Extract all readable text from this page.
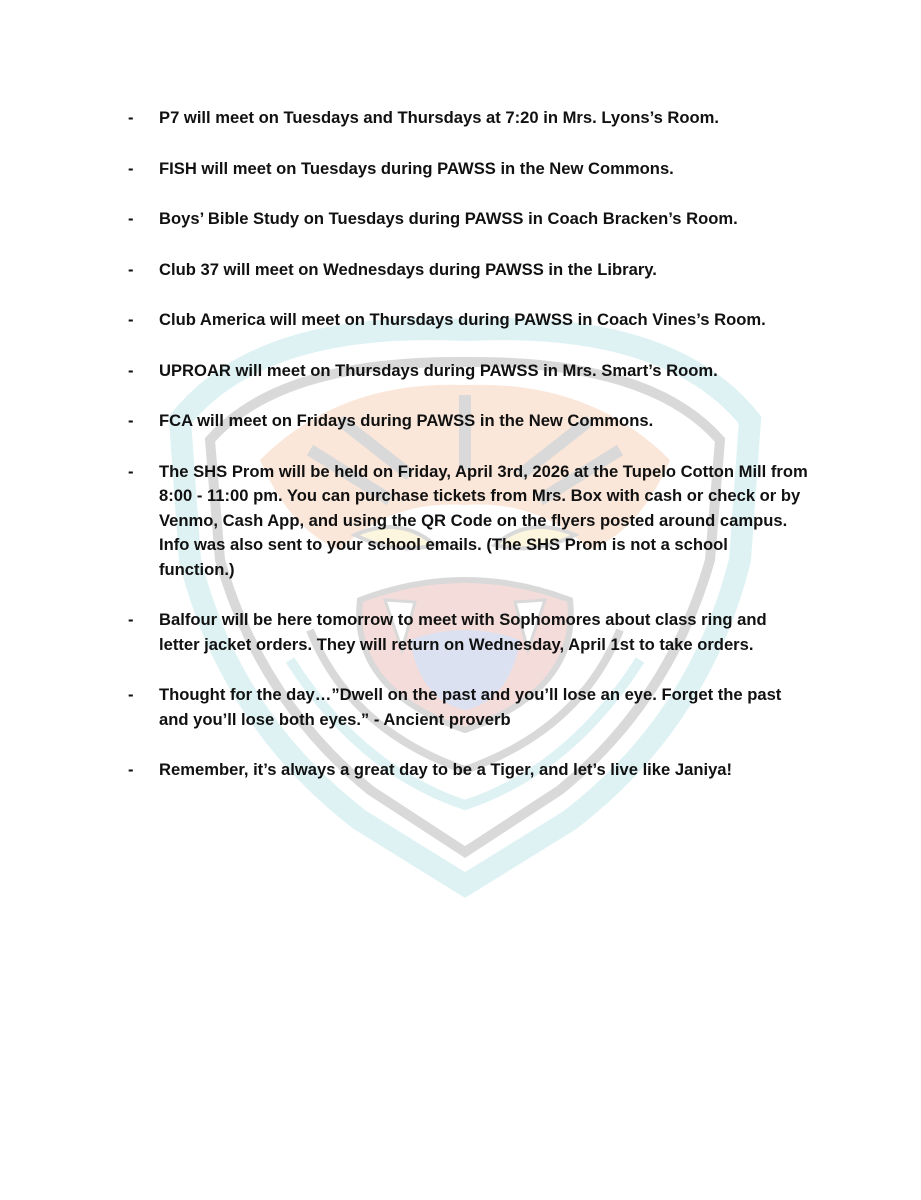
-	P7 will meet on Tuesdays and Thursdays at 7:20 in Mrs. Lyons’s Room.
-	FISH will meet on Tuesdays during PAWSS in the New Commons.
-	Boys’ Bible Study on Tuesdays during PAWSS in Coach Bracken’s Room.
-	Club 37 will meet on Wednesdays during PAWSS in the Library.
-	Club America will meet on Thursdays during PAWSS in Coach Vines’s Room.
-	UPROAR will meet on Thursdays during PAWSS in Mrs. Smart’s Room.
-	FCA will meet on Fridays during PAWSS in the New Commons.
-	The SHS Prom will be held on Friday, April 3rd, 2026 at the Tupelo Cotton Mill from 8:00 - 11:00 pm. You can purchase tickets from Mrs. Box with cash or check or by Venmo, Cash App, and using the QR Code on the flyers posted around campus. Info was also sent to your school emails. (The SHS Prom is not a school function.)
-	Balfour will be here tomorrow to meet with Sophomores about class ring and letter jacket orders. They will return on Wednesday, April 1st to take orders.
-	Thought for the day…”Dwell on the past and you’ll lose an eye. Forget the past and you’ll lose both eyes.” - Ancient proverb
-	Remember, it’s always a great day to be a Tiger, and let’s live like Janiya!
